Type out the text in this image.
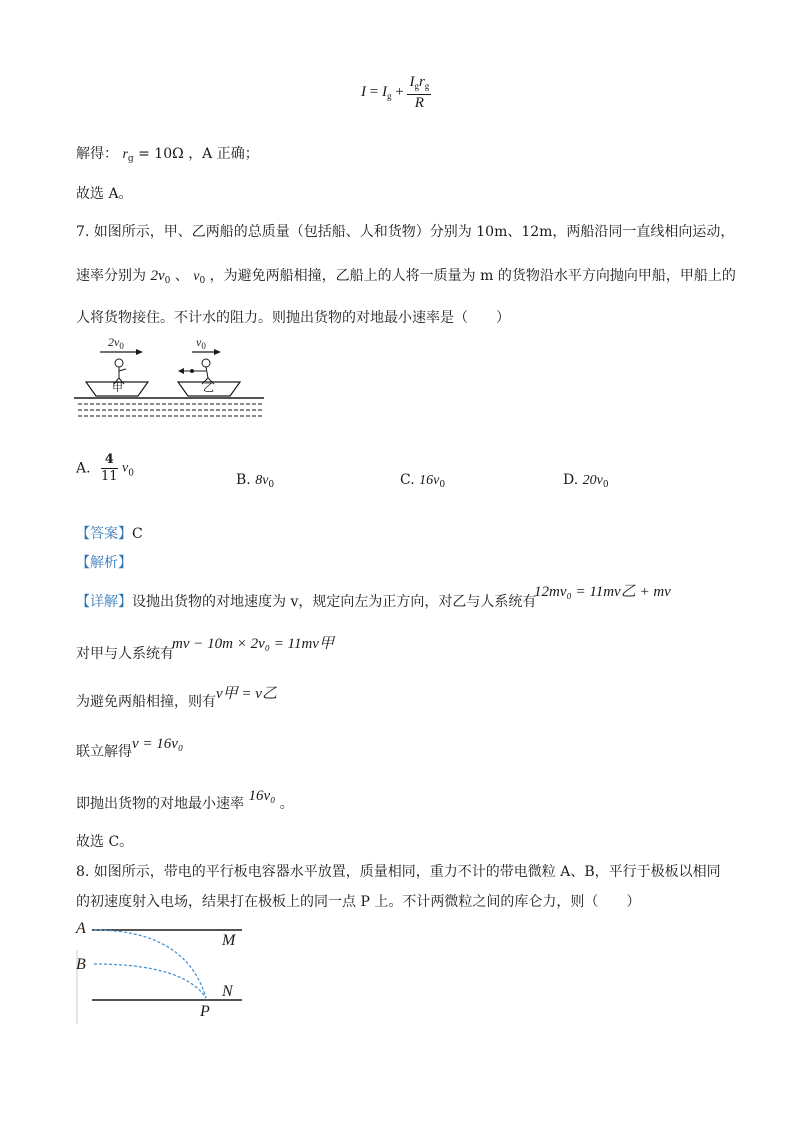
$I = I_g + \frac{I_gr_g}{R}$
解得： $r_g = 10\Omega$ ，A 正确；
故选 A。
7. 如图所示，甲、乙两船的总质量（包括船、人和货物）分别为 10m、12m，两船沿同一直线相向运动，
速率分别为 $2v_0$ 、 $v_0$ ，为避免两船相撞，乙船上的人将一质量为 m 的货物沿水平方向抛向甲船，甲船上的
人将货物接住。不计水的阻力。则抛出货物的对地最小速率是（　　）
$2v_0$	$v_0$
甲	乙
A. $\frac{4}{11} v_0$	B. $8v_0$	C. $16v_0$	D. $20v_0$
【答案】C
【解析】
【详解】设抛出货物的对地速度为 v，规定向左为正方向，对乙与人系统有
12mv₀ = 11mv乙 + mv
对甲与人系统有
mv − 10m × 2v₀ = 11mv甲
为避免两船相撞，则有 v甲 = v乙
联立解得 v = 16v₀
即抛出货物的对地最小速率 16v₀ 。
故选 C。
8. 如图所示，带电的平行板电容器水平放置，质量相同，重力不计的带电微粒 A、B，平行于极板以相同
的初速度射入电场，结果打在极板上的同一点 P 上。不计两微粒之间的库仑力，则（　　）
A
B
M
N
P
